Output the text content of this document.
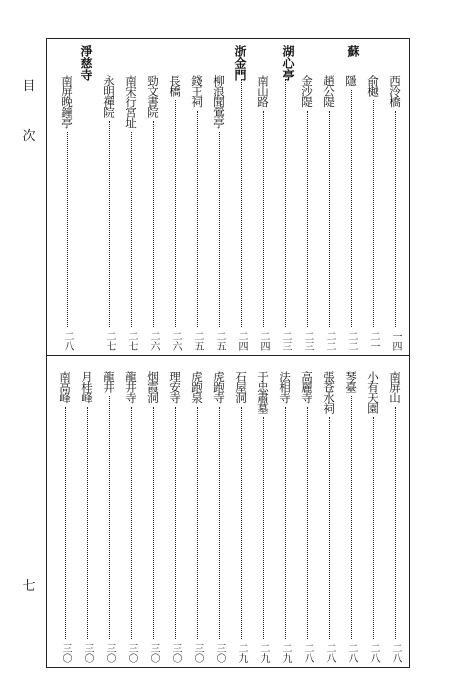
目
次
七
蘇
湖心亭
浙金門
淨慈寺
西泠橋
一四
俞樾
二一
隱
二二
趙公隄
二二
金沙隄
二三
二三
南山路
二四
二四
柳浪聞鶯亭
二五
錢王祠
二五
長橋
二六
勁文書院
二六
南宋行宮址
二七
永明禪院
二七
南屏晚鐘亭
二八
南屏山
二八
小有天園
二八
琴臺
二八
張苍水祠
二八
高麗寺
二八
法相寺
二九
于忠肅墓
二九
石屋洞
二九
虎跑寺
三〇
虎跑泉
三〇
理安寺
三〇
烟霞洞
三〇
龍井寺
三〇
龍井
三〇
月桂峰
三〇
南高峰
三〇
